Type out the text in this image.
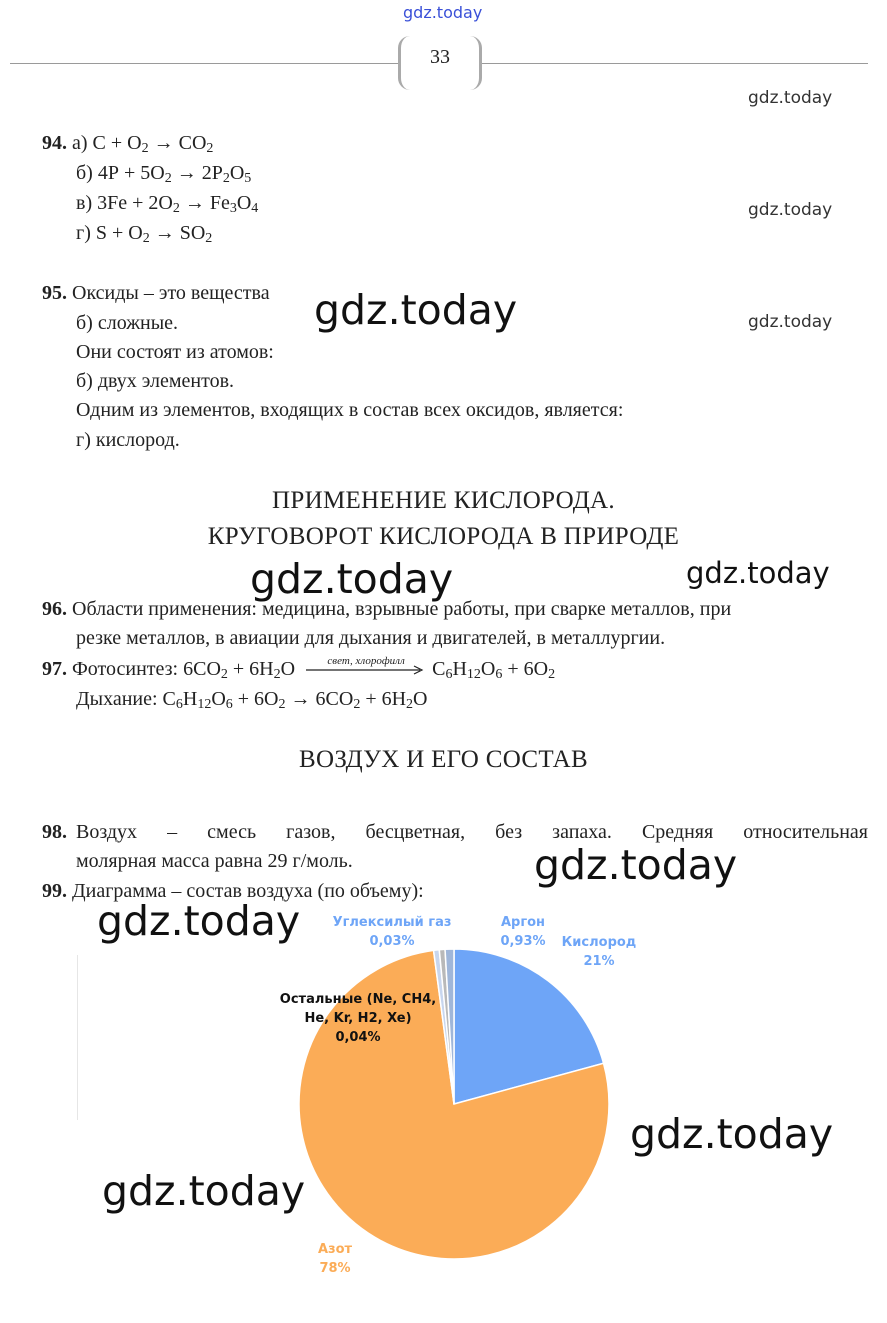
gdz.today
33
gdz.today
gdz.today
gdz.today
94. а) $С + О_2 \to СО_2$
б) $4Р + 5О_2 \to 2Р_2О_5$
в) $3Fe + 2O_2 \to Fe_3O_4$
г) $S + O_2 \to SO_2$
95. Оксиды – это вещества
б) сложные.
Они состоят из атомов:
б) двух элементов.
Одним из элементов, входящих в состав всех оксидов, является:
г) кислород.
gdz.today
ПРИМЕНЕНИЕ КИСЛОРОДА.
КРУГОВОРОТ КИСЛОРОДА В ПРИРОДЕ
gdz.today	gdz.today
96. Области применения: медицина, взрывные работы, при сварке металлов, при
резке металлов, в авиации для дыхания и двигателей, в металлургии.
97. Фотосинтез: $6СО_2 + 6H_2O$	свет, хлорофилл	$С_6Н_{12}О_6 + 6О_2$
Дыхание: $С_6Н_{12}О_6 + 6О_2 \to 6СО_2 + 6Н_2О$
ВОЗДУХ И ЕГО СОСТАВ
98. Воздух – смесь газов, бесцветная, без запаха. Средняя относительная
молярная масса равна 29 г/моль.	gdz.today
99. Диаграмма – состав воздуха (по объему):
gdz.today	Углексилый газ
0,03%
Аргон
0,93%	Кислород
21%
Остальные (Ne, CH4,
He, Kr, H2, Xe)
0,04%
Азот
78%
gdz.today
gdz.today
